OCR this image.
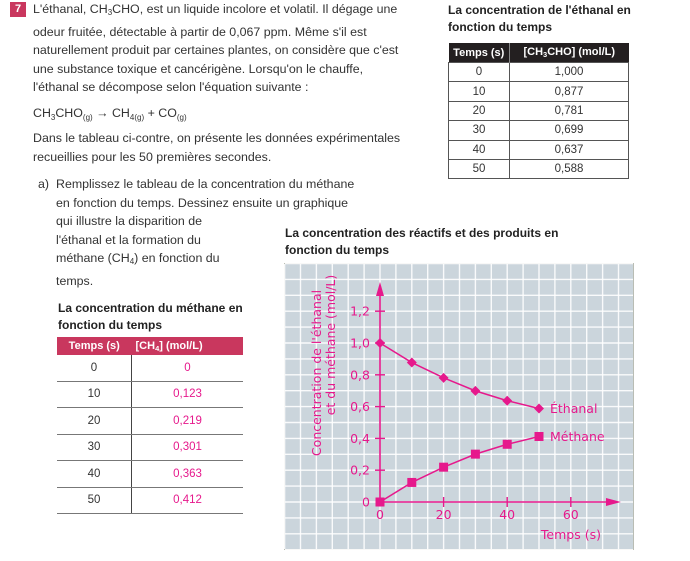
7 L'éthanal, $CH_3CHO$, est un liquide incolore et volatil. Il dégage une odeur fruitée, détectable à partir de 0,067 ppm. Même s'il est naturellement produit par certaines plantes, on considère que c'est une substance toxique et cancérigène. Lorsqu'on le chauffe, l'éthanal se décompose selon l'équation suivante :
$CH_3CHO_{(g)} \to CH_{4(g)} + CO_{(g)}$
Dans le tableau ci-contre, on présente les données expérimentales recueillies pour les 50 premières secondes.
a) Remplissez le tableau de la concentration du méthane
en fonction du temps. Dessinez ensuite un graphique
qui illustre la disparition de l'éthanal et la formation du méthane $(CH_4)$ en fonction du temps.
La concentration de l'éthanal en fonction du temps
Temps (s)	$[CH_3CHO]$ (mol/L)
0	1,000
10	0,877
20	0,781
30	0,699
40	0,637
50	0,588
La concentration du méthane en fonction du temps
Temps (s)	$[CH_4]$ (mol/L)
0	0
10	0,123
20	0,219
30	0,301
40	0,363
50	0,412
La concentration des réactifs et des produits en fonction du temps
0
0,2
0,4
0,6
0,8
1,0
1,2
0	20	40	60
Temps (s)
Concentration de l'éthanal et du méthane (mol/L)	Éthanal
Méthane
